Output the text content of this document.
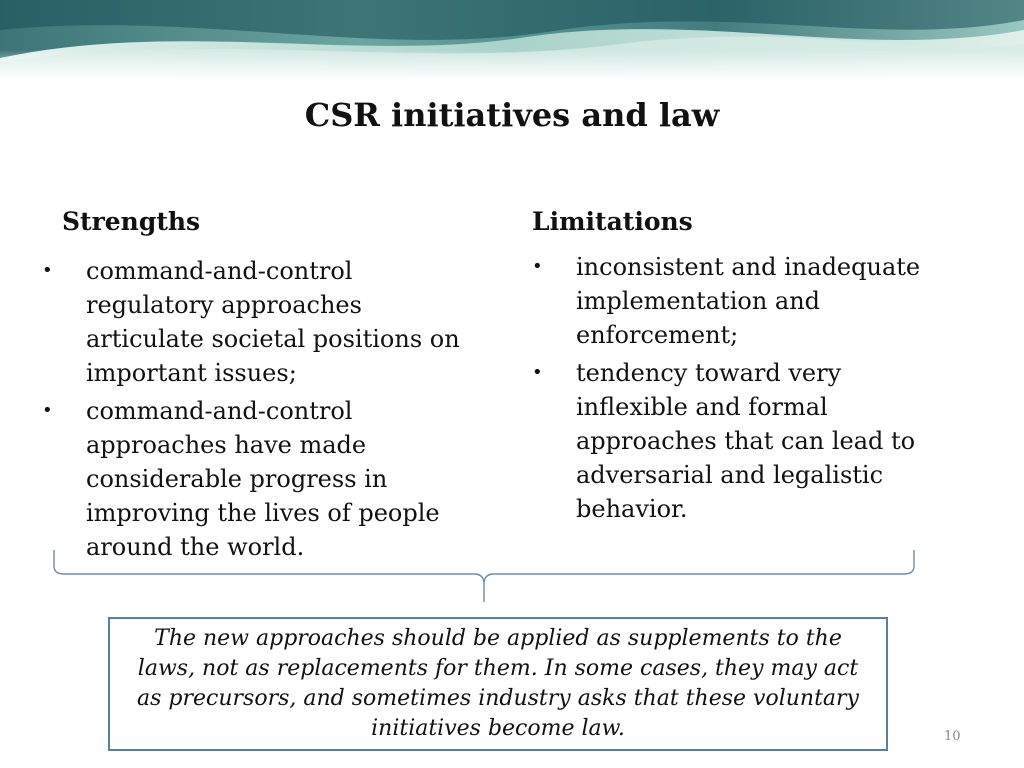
CSR initiatives and law
Strengths	Limitations
• command-and-control regulatory approaches articulate societal positions on important issues;
• command-and-control approaches have made considerable progress in improving the lives of people around the world.
• inconsistent and inadequate implementation and enforcement;
• tendency toward very inflexible and formal approaches that can lead to adversarial and legalistic behavior.

The new approaches should be applied as supplements to the laws, not as replacements for them. In some cases, they may act as precursors, and sometimes industry asks that these voluntary initiatives become law.	10
